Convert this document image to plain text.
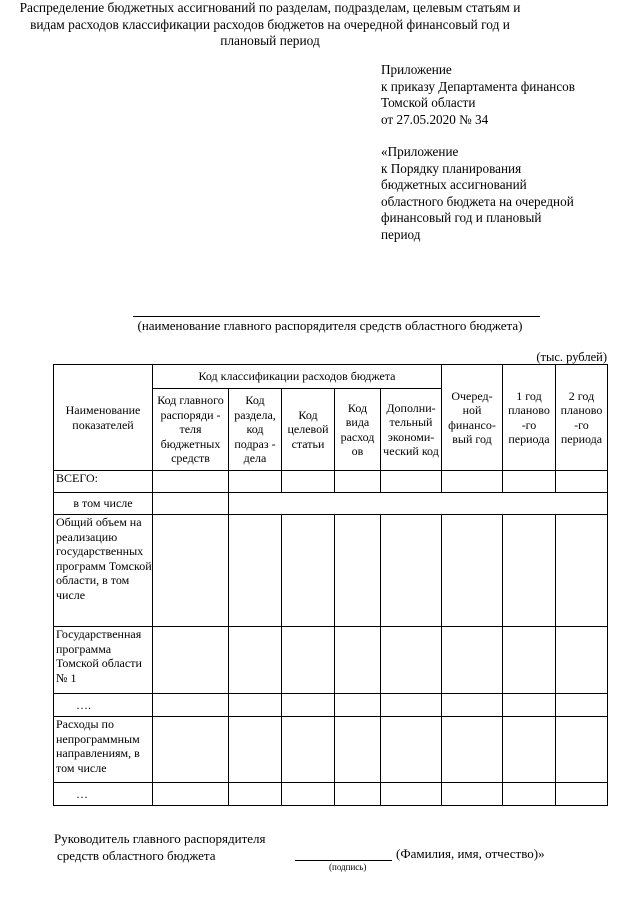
Приложение
к приказу Департамента финансов
Томской области
от 27.05.2020 № 34
«Приложение
к Порядку планирования
бюджетных ассигнований
областного бюджета на очередной
финансовый год и плановый
период
Распределение бюджетных ассигнований по разделам, подразделам, целевым статьям и
видам расходов классификации расходов бюджетов на очередной финансовый год и
плановый период
(наименование главного распорядителя средств областного бюджета)
(тыс. рублей)
Наименование показателей	Код классификации расходов бюджета					Очеред- ной финансо- вый год	1 год планово -го периода	2 год планово -го периода
	Код главного распоряди - теля бюджетных средств	Код раздела, код подраз - дела	Код целевой статьи	Код вида расход ов	Дополни- тельный экономи- ческий код			
ВСЕГО:								
в том числе								
Общий объем на реализацию государственных программ Томской области, в том числе								
Государственная программа Томской области № 1								
….								
Расходы по непрограммным направлениям, в том числе								
…								
Руководитель главного распорядителя
средств областного бюджета	(Фамилия, имя, отчество)»
(подпись)
